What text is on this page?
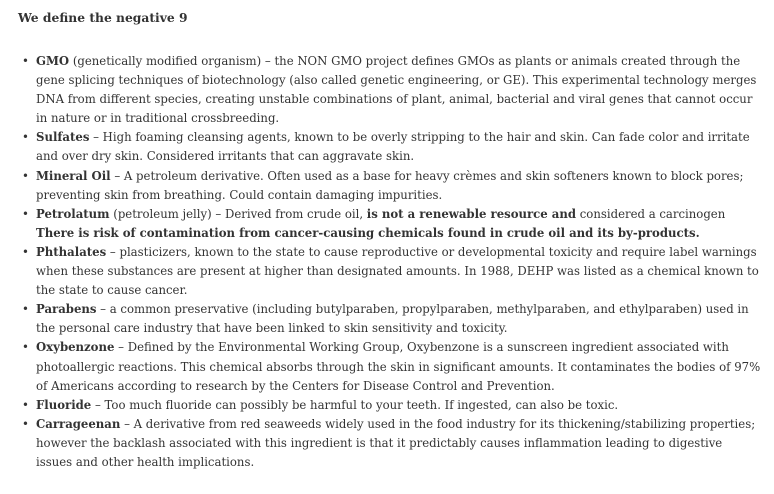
We define the negative 9
• GMO (genetically modified organism) – the NON GMO project defines GMOs as plants or animals created through the gene splicing techniques of biotechnology (also called genetic engineering, or GE). This experimental technology merges DNA from different species, creating unstable combinations of plant, animal, bacterial and viral genes that cannot occur in nature or in traditional crossbreeding.
• Sulfates – High foaming cleansing agents, known to be overly stripping to the hair and skin. Can fade color and irritate and over dry skin. Considered irritants that can aggravate skin.
• Mineral Oil – A petroleum derivative. Often used as a base for heavy crèmes and skin softeners known to block pores; preventing skin from breathing. Could contain damaging impurities.
• Petrolatum (petroleum jelly) – Derived from crude oil, is not a renewable resource and considered a carcinogen There is risk of contamination from cancer-causing chemicals found in crude oil and its by-products.
• Phthalates – plasticizers, known to the state to cause reproductive or developmental toxicity and require label warnings when these substances are present at higher than designated amounts. In 1988, DEHP was listed as a chemical known to the state to cause cancer.
• Parabens – a common preservative (including butylparaben, propylparaben, methylparaben, and ethylparaben) used in the personal care industry that have been linked to skin sensitivity and toxicity.
• Oxybenzone – Defined by the Environmental Working Group, Oxybenzone is a sunscreen ingredient associated with photoallergic reactions. This chemical absorbs through the skin in significant amounts. It contaminates the bodies of 97% of Americans according to research by the Centers for Disease Control and Prevention.
• Fluoride – Too much fluoride can possibly be harmful to your teeth. If ingested, can also be toxic.
• Carrageenan – A derivative from red seaweeds widely used in the food industry for its thickening/stabilizing properties; however the backlash associated with this ingredient is that it predictably causes inflammation leading to digestive issues and other health implications.
